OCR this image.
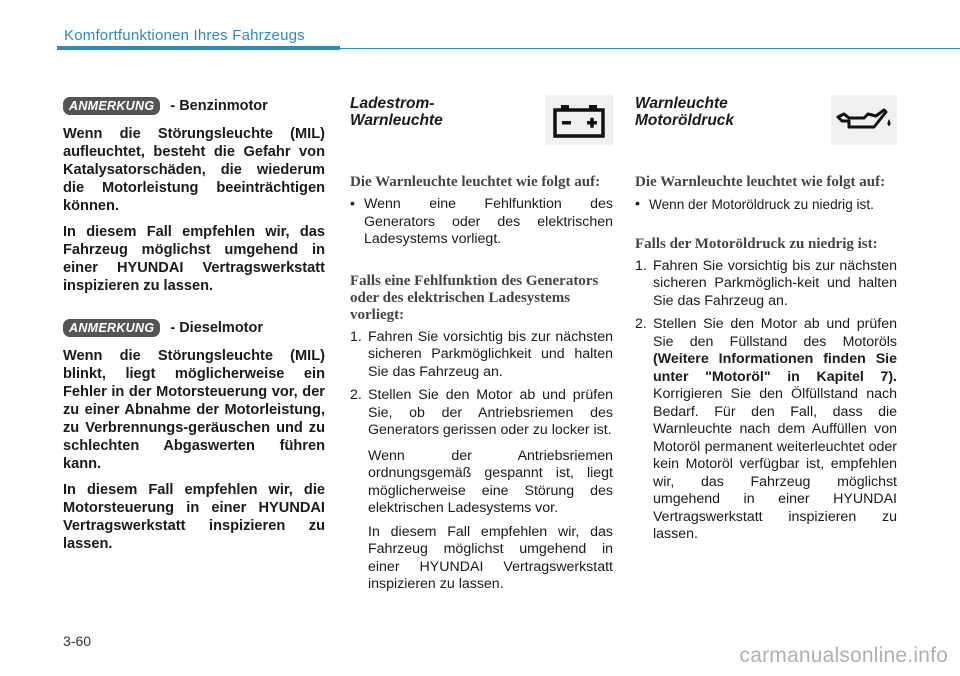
Komfortfunktionen Ihres Fahrzeugs
ANMERKUNG	- Benzinmotor

Wenn die Störungsleuchte (MIL) aufleuchtet, besteht die Gefahr von Katalysatorschäden, die wiederum die Motorleistung beeinträchtigen können.

In diesem Fall empfehlen wir, das Fahrzeug möglichst umgehend in einer HYUNDAI Vertragswerkstatt inspizieren zu lassen.

ANMERKUNG	- Dieselmotor

Wenn die Störungsleuchte (MIL) blinkt, liegt möglicherweise ein Fehler in der Motorsteuerung vor, der zu einer Abnahme der Motorleistung, zu Verbrennungs-geräuschen und zu schlechten Abgaswerten führen kann.

In diesem Fall empfehlen wir, die Motorsteuerung in einer HYUNDAI Vertragswerkstatt inspizieren zu lassen.

Ladestrom-
Warnleuchte

Die Warnleuchte leuchtet wie folgt auf:

• Wenn eine Fehlfunktion des Generators oder des elektrischen Ladesystems vorliegt.

Falls eine Fehlfunktion des Generators oder des elektrischen Ladesystems vorliegt:

1. Fahren Sie vorsichtig bis zur nächsten sicheren Parkmöglichkeit und halten Sie das Fahrzeug an.
2. Stellen Sie den Motor ab und prüfen Sie, ob der Antriebsriemen des Generators gerissen oder zu locker ist.

Wenn der Antriebsriemen ordnungsgemäß gespannt ist, liegt möglicherweise eine Störung des elektrischen Ladesystems vor.

In diesem Fall empfehlen wir, das Fahrzeug möglichst umgehend in einer HYUNDAI Vertragswerkstatt inspizieren zu lassen.

Warnleuchte
Motoröldruck

Die Warnleuchte leuchtet wie folgt auf:

• Wenn der Motoröldruck zu niedrig ist.

Falls der Motoröldruck zu niedrig ist:

1. Fahren Sie vorsichtig bis zur nächsten sicheren Parkmöglich-keit und halten Sie das Fahrzeug an.
2. Stellen Sie den Motor ab und prüfen Sie den Füllstand des Motoröls (Weitere Informationen finden Sie unter "Motoröl" in Kapitel 7). Korrigieren Sie den Ölfüllstand nach Bedarf. Für den Fall, dass die Warnleuchte nach dem Auffüllen von Motoröl permanent weiterleuchtet oder kein Motoröl verfügbar ist, empfehlen wir, das Fahrzeug möglichst umgehend in einer HYUNDAI Vertragswerkstatt inspizieren zu lassen.
3-60
carmanualsonline.info
